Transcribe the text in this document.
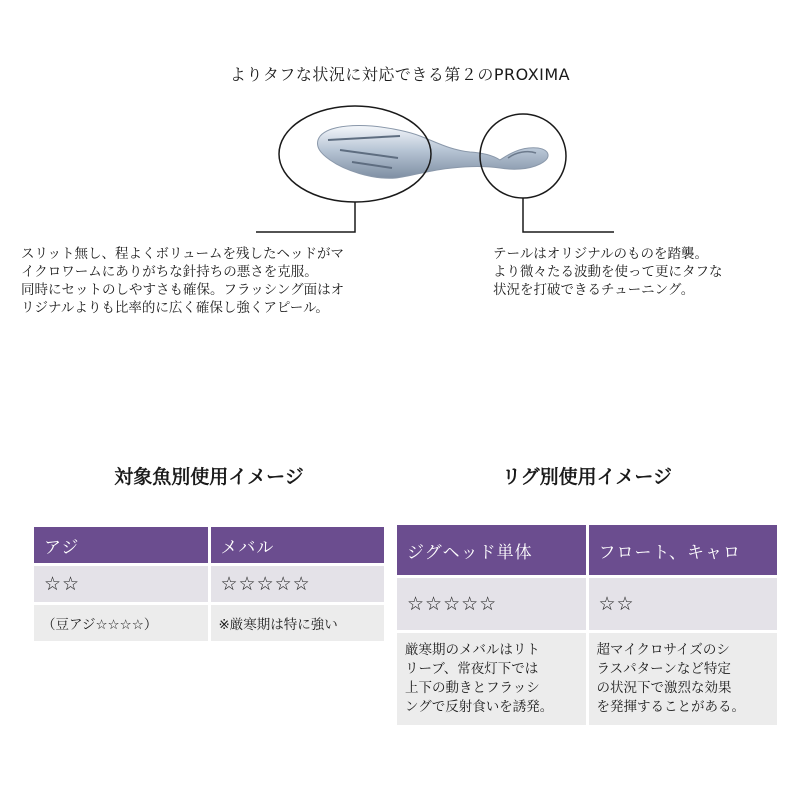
よりタフな状況に対応できる第２のPROXIMA
スリット無し、程よくボリュームを残したヘッドがマ
イクロワームにありがちな針持ちの悪さを克服。
同時にセットのしやすさも確保。フラッシング面はオ
リジナルよりも比率的に広く確保し強くアピール。
テールはオリジナルのものを踏襲。
より微々たる波動を使って更にタフな
状況を打破できるチューニング。
対象魚別使用イメージ	リグ別使用イメージ
アジ	メバル
☆☆	☆☆☆☆☆
（豆アジ☆☆☆☆）	※厳寒期は特に強い
ジグヘッド単体	フロート、キャロ
☆☆☆☆☆	☆☆
厳寒期のメバルはリト
リーブ、常夜灯下では
上下の動きとフラッシ
ングで反射食いを誘発。	超マイクロサイズのシ
ラスパターンなど特定
の状況下で激烈な効果
を発揮することがある。
